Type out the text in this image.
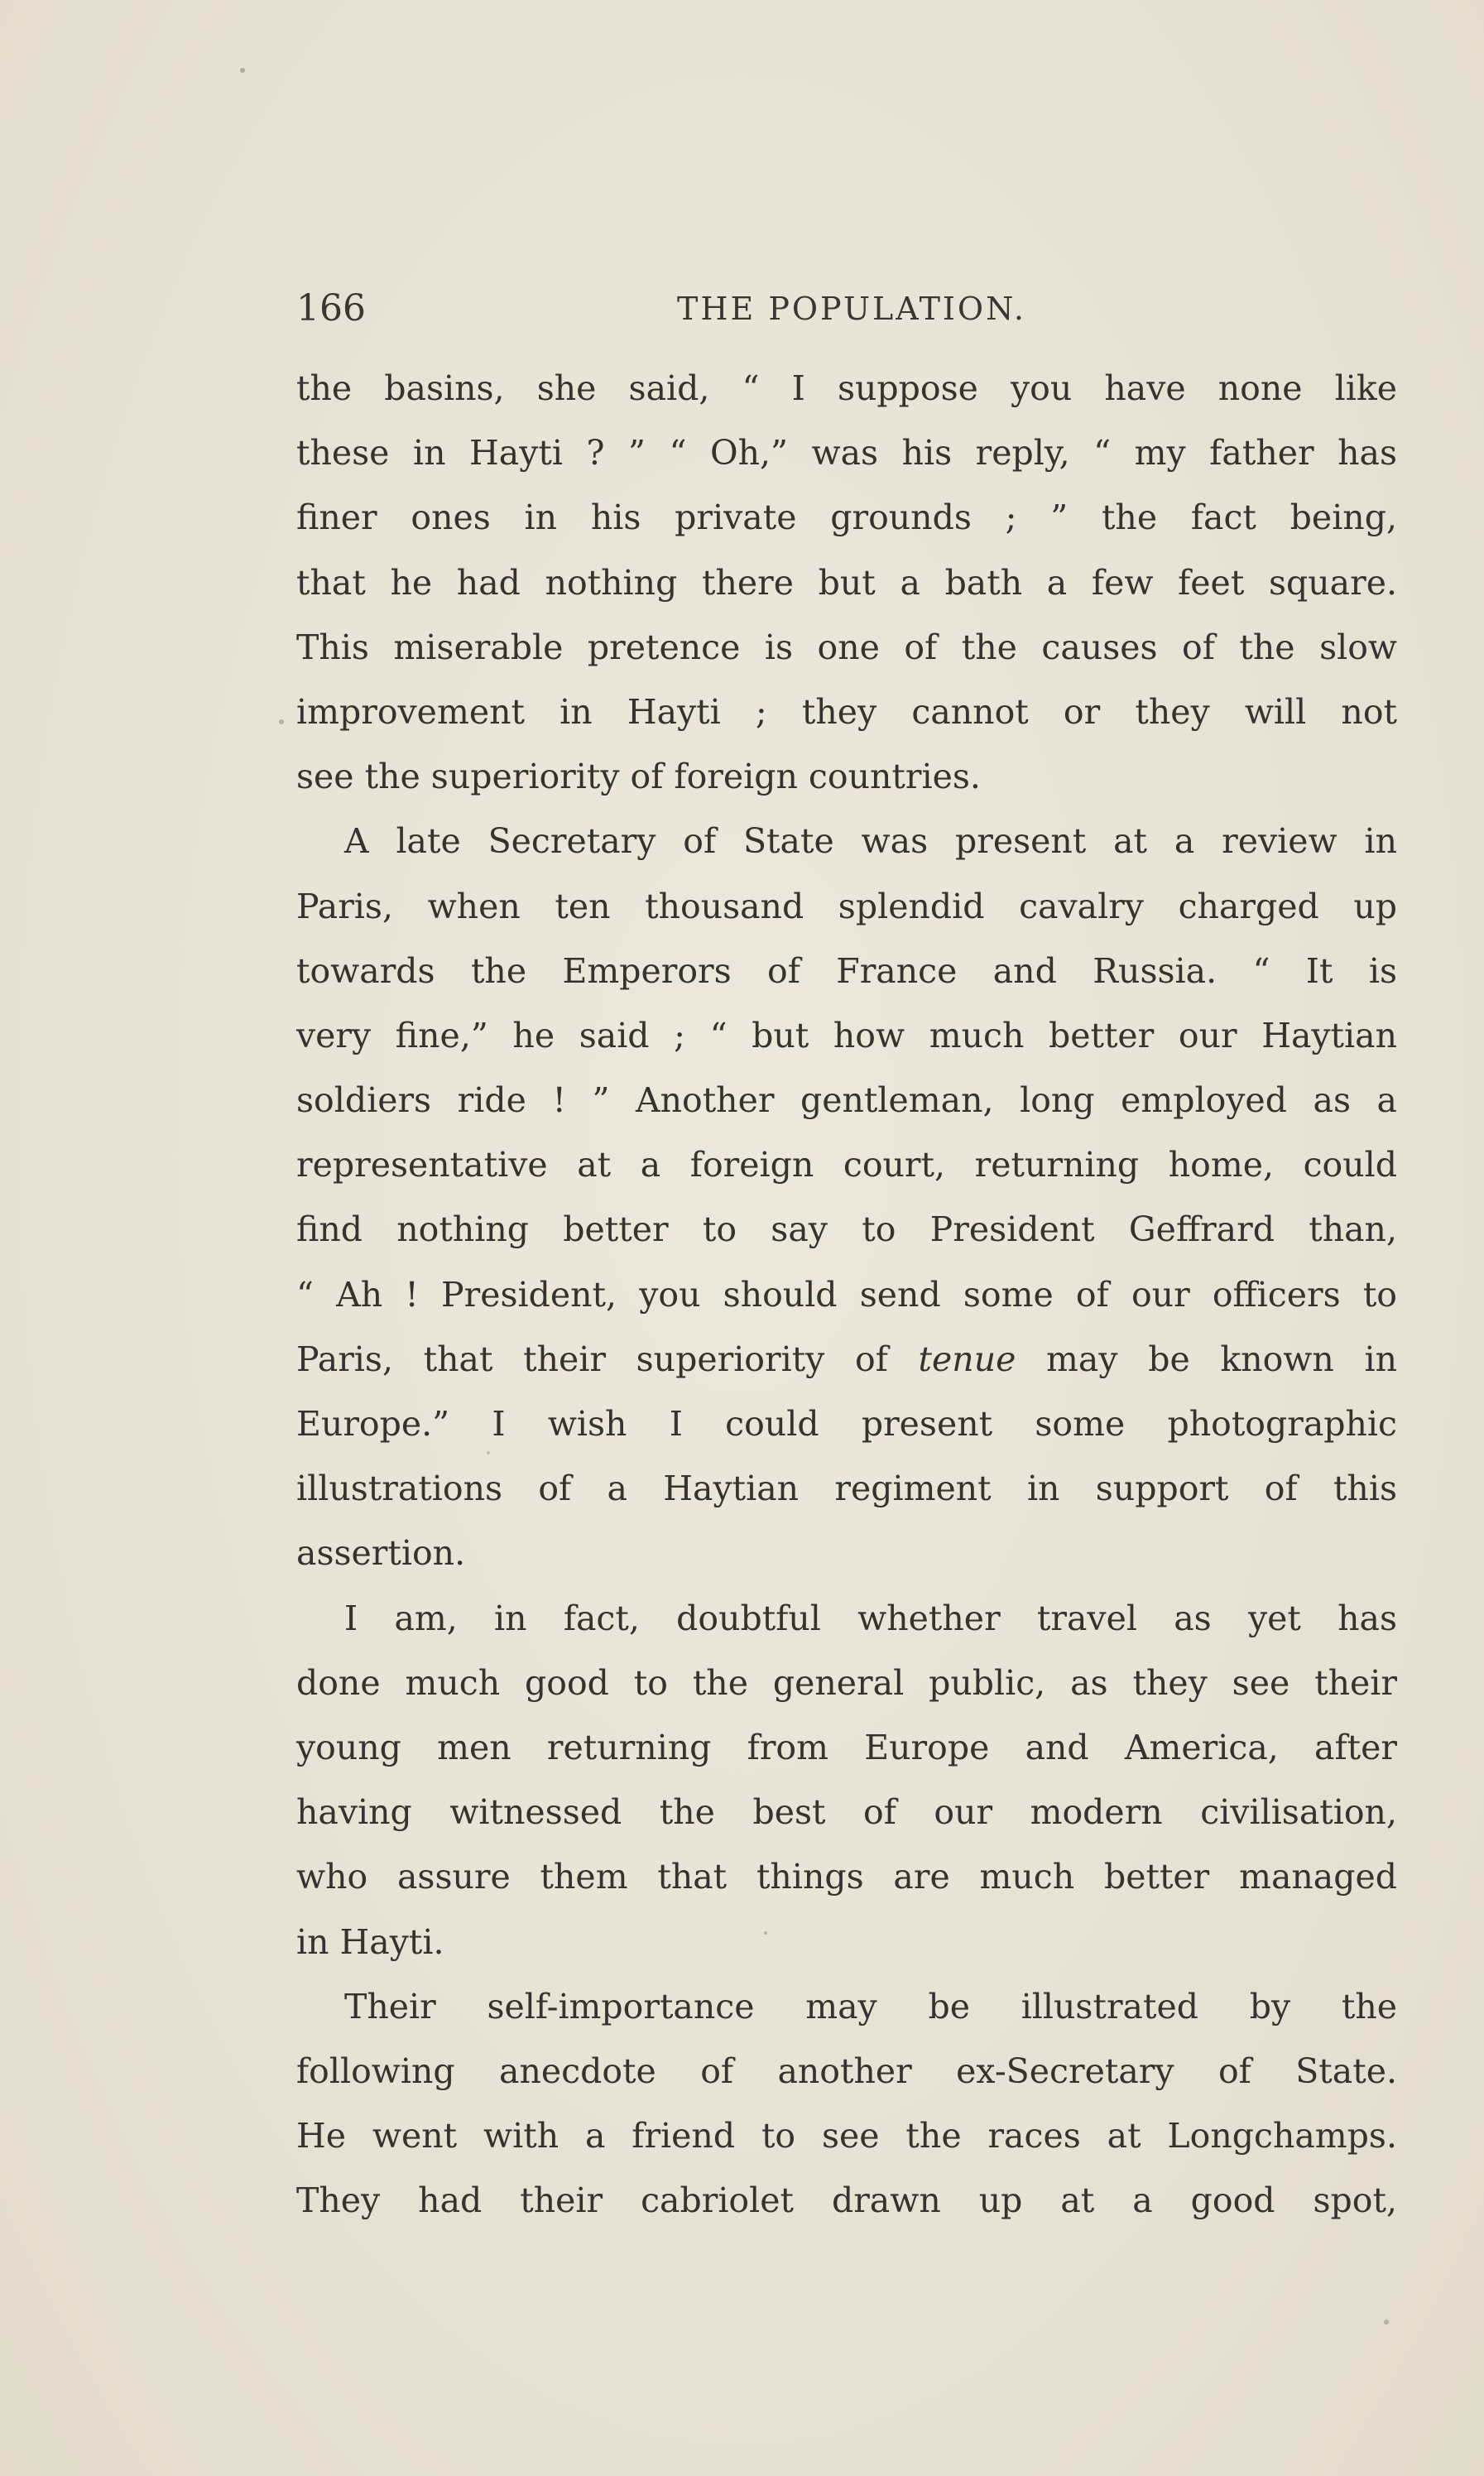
166	THE POPULATION.
the basins, she said, “ I suppose you have none like
these in Hayti ? ” “ Oh,” was his reply, “ my father has
finer ones in his private grounds ; ” the fact being,
that he had nothing there but a bath a few feet square.
This miserable pretence is one of the causes of the slow
improvement in Hayti ; they cannot or they will not
see the superiority of foreign countries.
A late Secretary of State was present at a review in
Paris, when ten thousand splendid cavalry charged up
towards the Emperors of France and Russia. “ It is
very fine,” he said ; “ but how much better our Haytian
soldiers ride ! ” Another gentleman, long employed as a
representative at a foreign court, returning home, could
find nothing better to say to President Geffrard than,
“ Ah ! President, you should send some of our officers to
Paris, that their superiority of tenue may be known in
Europe.” I wish I could present some photographic
illustrations of a Haytian regiment in support of this
assertion.
I am, in fact, doubtful whether travel as yet has
done much good to the general public, as they see their
young men returning from Europe and America, after
having witnessed the best of our modern civilisation,
who assure them that things are much better managed
in Hayti.
Their self-importance may be illustrated by the
following anecdote of another ex-Secretary of State.
He went with a friend to see the races at Longchamps.
They had their cabriolet drawn up at a good spot,
